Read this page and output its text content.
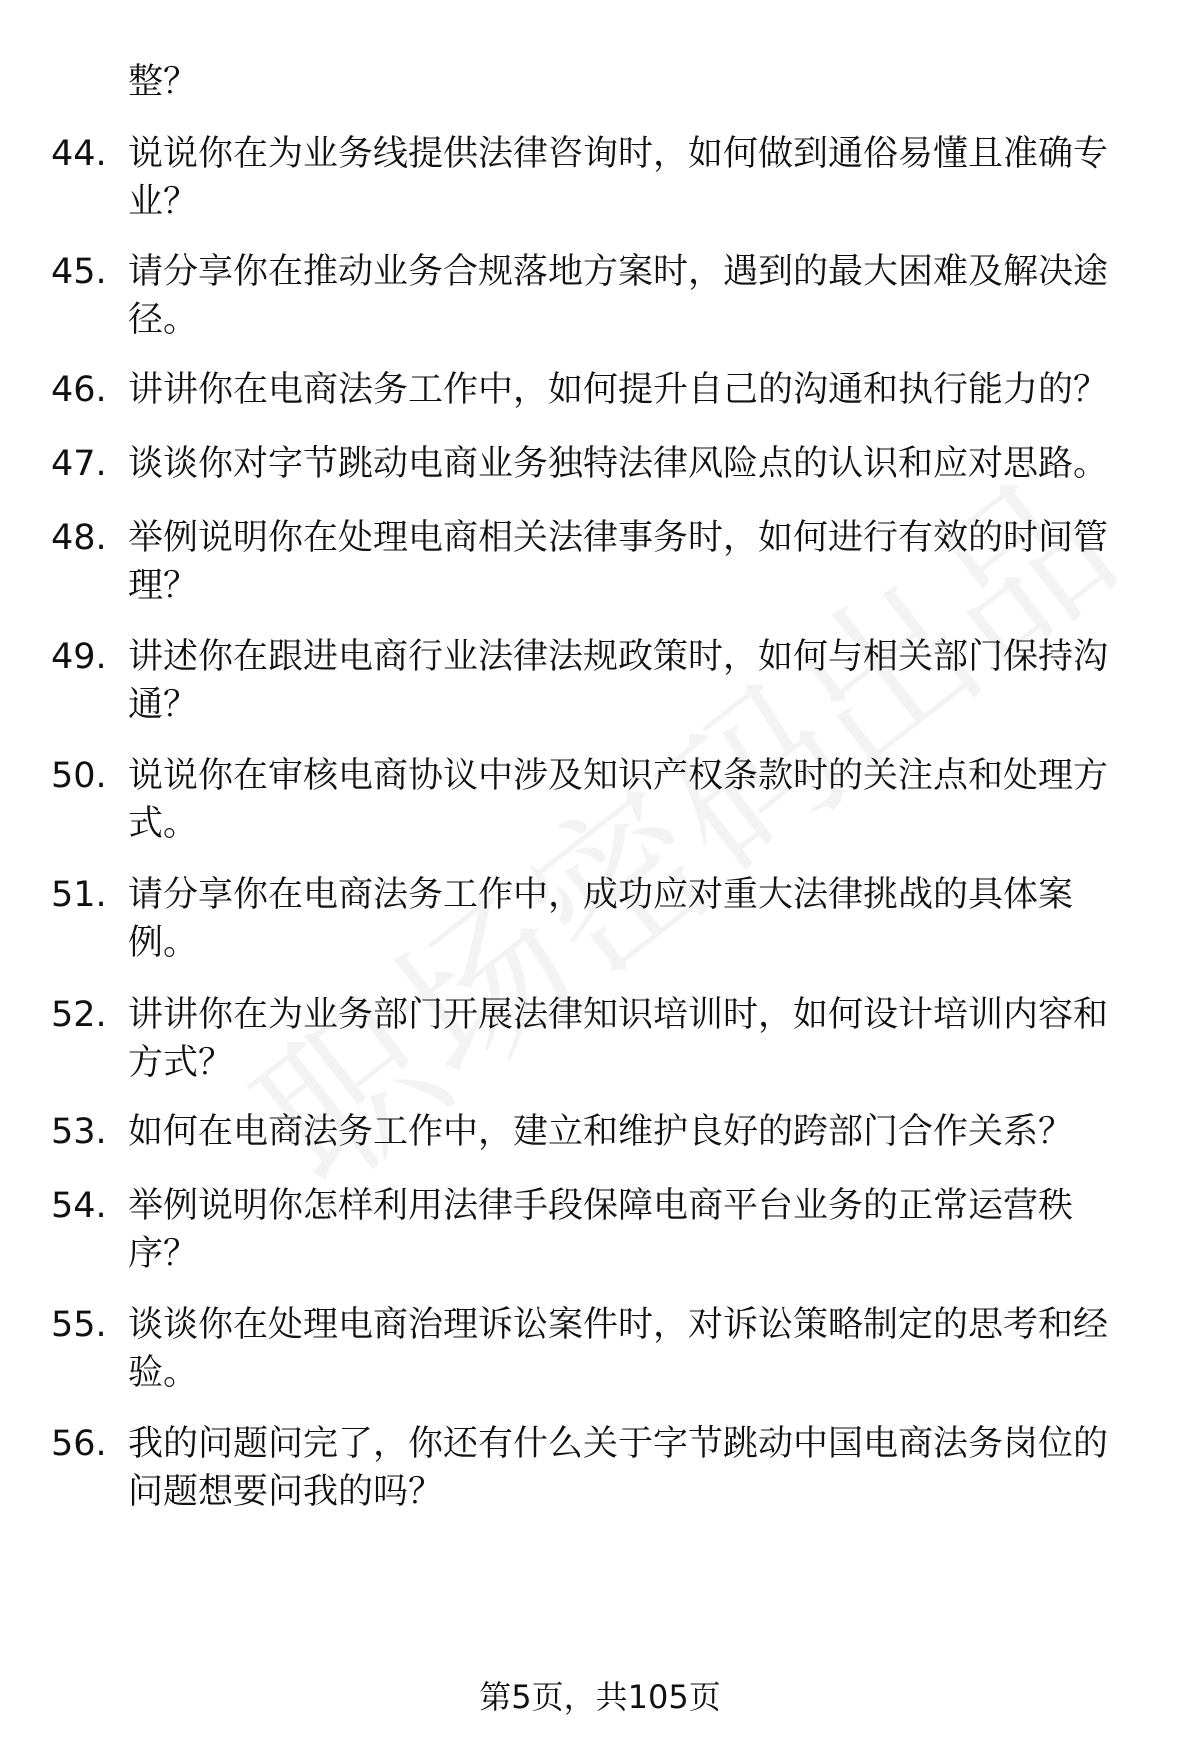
整？
44. 说说你在为业务线提供法律咨询时，如何做到通俗易懂且准确专
业？
45. 请分享你在推动业务合规落地方案时，遇到的最大困难及解决途
径。
46. 讲讲你在电商法务工作中，如何提升自己的沟通和执行能力的？
47. 谈谈你对字节跳动电商业务独特法律风险点的认识和应对思路。
48. 举例说明你在处理电商相关法律事务时，如何进行有效的时间管
理？
49. 讲述你在跟进电商行业法律法规政策时，如何与相关部门保持沟
通？
50. 说说你在审核电商协议中涉及知识产权条款时的关注点和处理方
式。
51. 请分享你在电商法务工作中，成功应对重大法律挑战的具体案
例。
52. 讲讲你在为业务部门开展法律知识培训时，如何设计培训内容和
方式？
53. 如何在电商法务工作中，建立和维护良好的跨部门合作关系？
54. 举例说明你怎样利用法律手段保障电商平台业务的正常运营秩
序？
55. 谈谈你在处理电商治理诉讼案件时，对诉讼策略制定的思考和经
验。
56. 我的问题问完了，你还有什么关于字节跳动中国电商法务岗位的
问题想要问我的吗？
第5页，共105页
